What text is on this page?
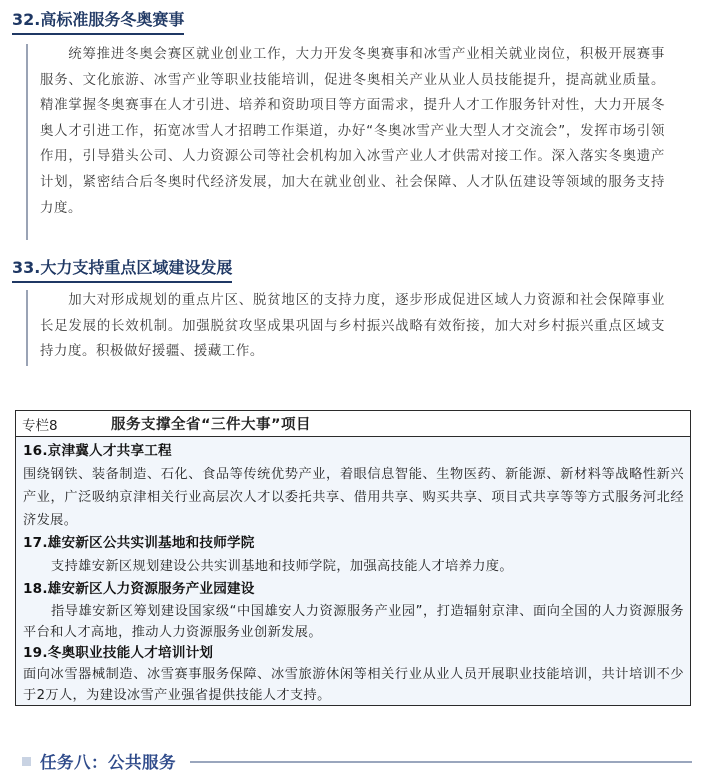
32.高标准服务冬奥赛事
统筹推进冬奥会赛区就业创业工作，大力开发冬奥赛事和冰雪产业相关就业岗位，积极开展赛事服务、文化旅游、冰雪产业等职业技能培训，促进冬奥相关产业从业人员技能提升，提高就业质量。精准掌握冬奥赛事在人才引进、培养和资助项目等方面需求，提升人才工作服务针对性，大力开展冬奥人才引进工作，拓宽冰雪人才招聘工作渠道，办好“冬奥冰雪产业大型人才交流会”，发挥市场引领作用，引导猎头公司、人力资源公司等社会机构加入冰雪产业人才供需对接工作。深入落实冬奥遗产计划，紧密结合后冬奥时代经济发展，加大在就业创业、社会保障、人才队伍建设等领域的服务支持力度。
33.大力支持重点区域建设发展
加大对形成规划的重点片区、脱贫地区的支持力度，逐步形成促进区域人力资源和社会保障事业长足发展的长效机制。加强脱贫攻坚成果巩固与乡村振兴战略有效衔接，加大对乡村振兴重点区域支持力度。积极做好援疆、援藏工作。
专栏8	服务支撑全省“三件大事”项目
16.京津冀人才共享工程
围绕钢铁、装备制造、石化、食品等传统优势产业，着眼信息智能、生物医药、新能源、新材料等战略性新兴产业，广泛吸纳京津相关行业高层次人才以委托共享、借用共享、购买共享、项目式共享等等方式服务河北经济发展。
17.雄安新区公共实训基地和技师学院
支持雄安新区规划建设公共实训基地和技师学院，加强高技能人才培养力度。
18.雄安新区人力资源服务产业园建设
指导雄安新区筹划建设国家级“中国雄安人力资源服务产业园”，打造辐射京津、面向全国的人力资源服务平台和人才高地，推动人力资源服务业创新发展。
19.冬奥职业技能人才培训计划
面向冰雪器械制造、冰雪赛事服务保障、冰雪旅游休闲等相关行业从业人员开展职业技能培训，共计培训不少于2万人，为建设冰雪产业强省提供技能人才支持。
任务八：公共服务
